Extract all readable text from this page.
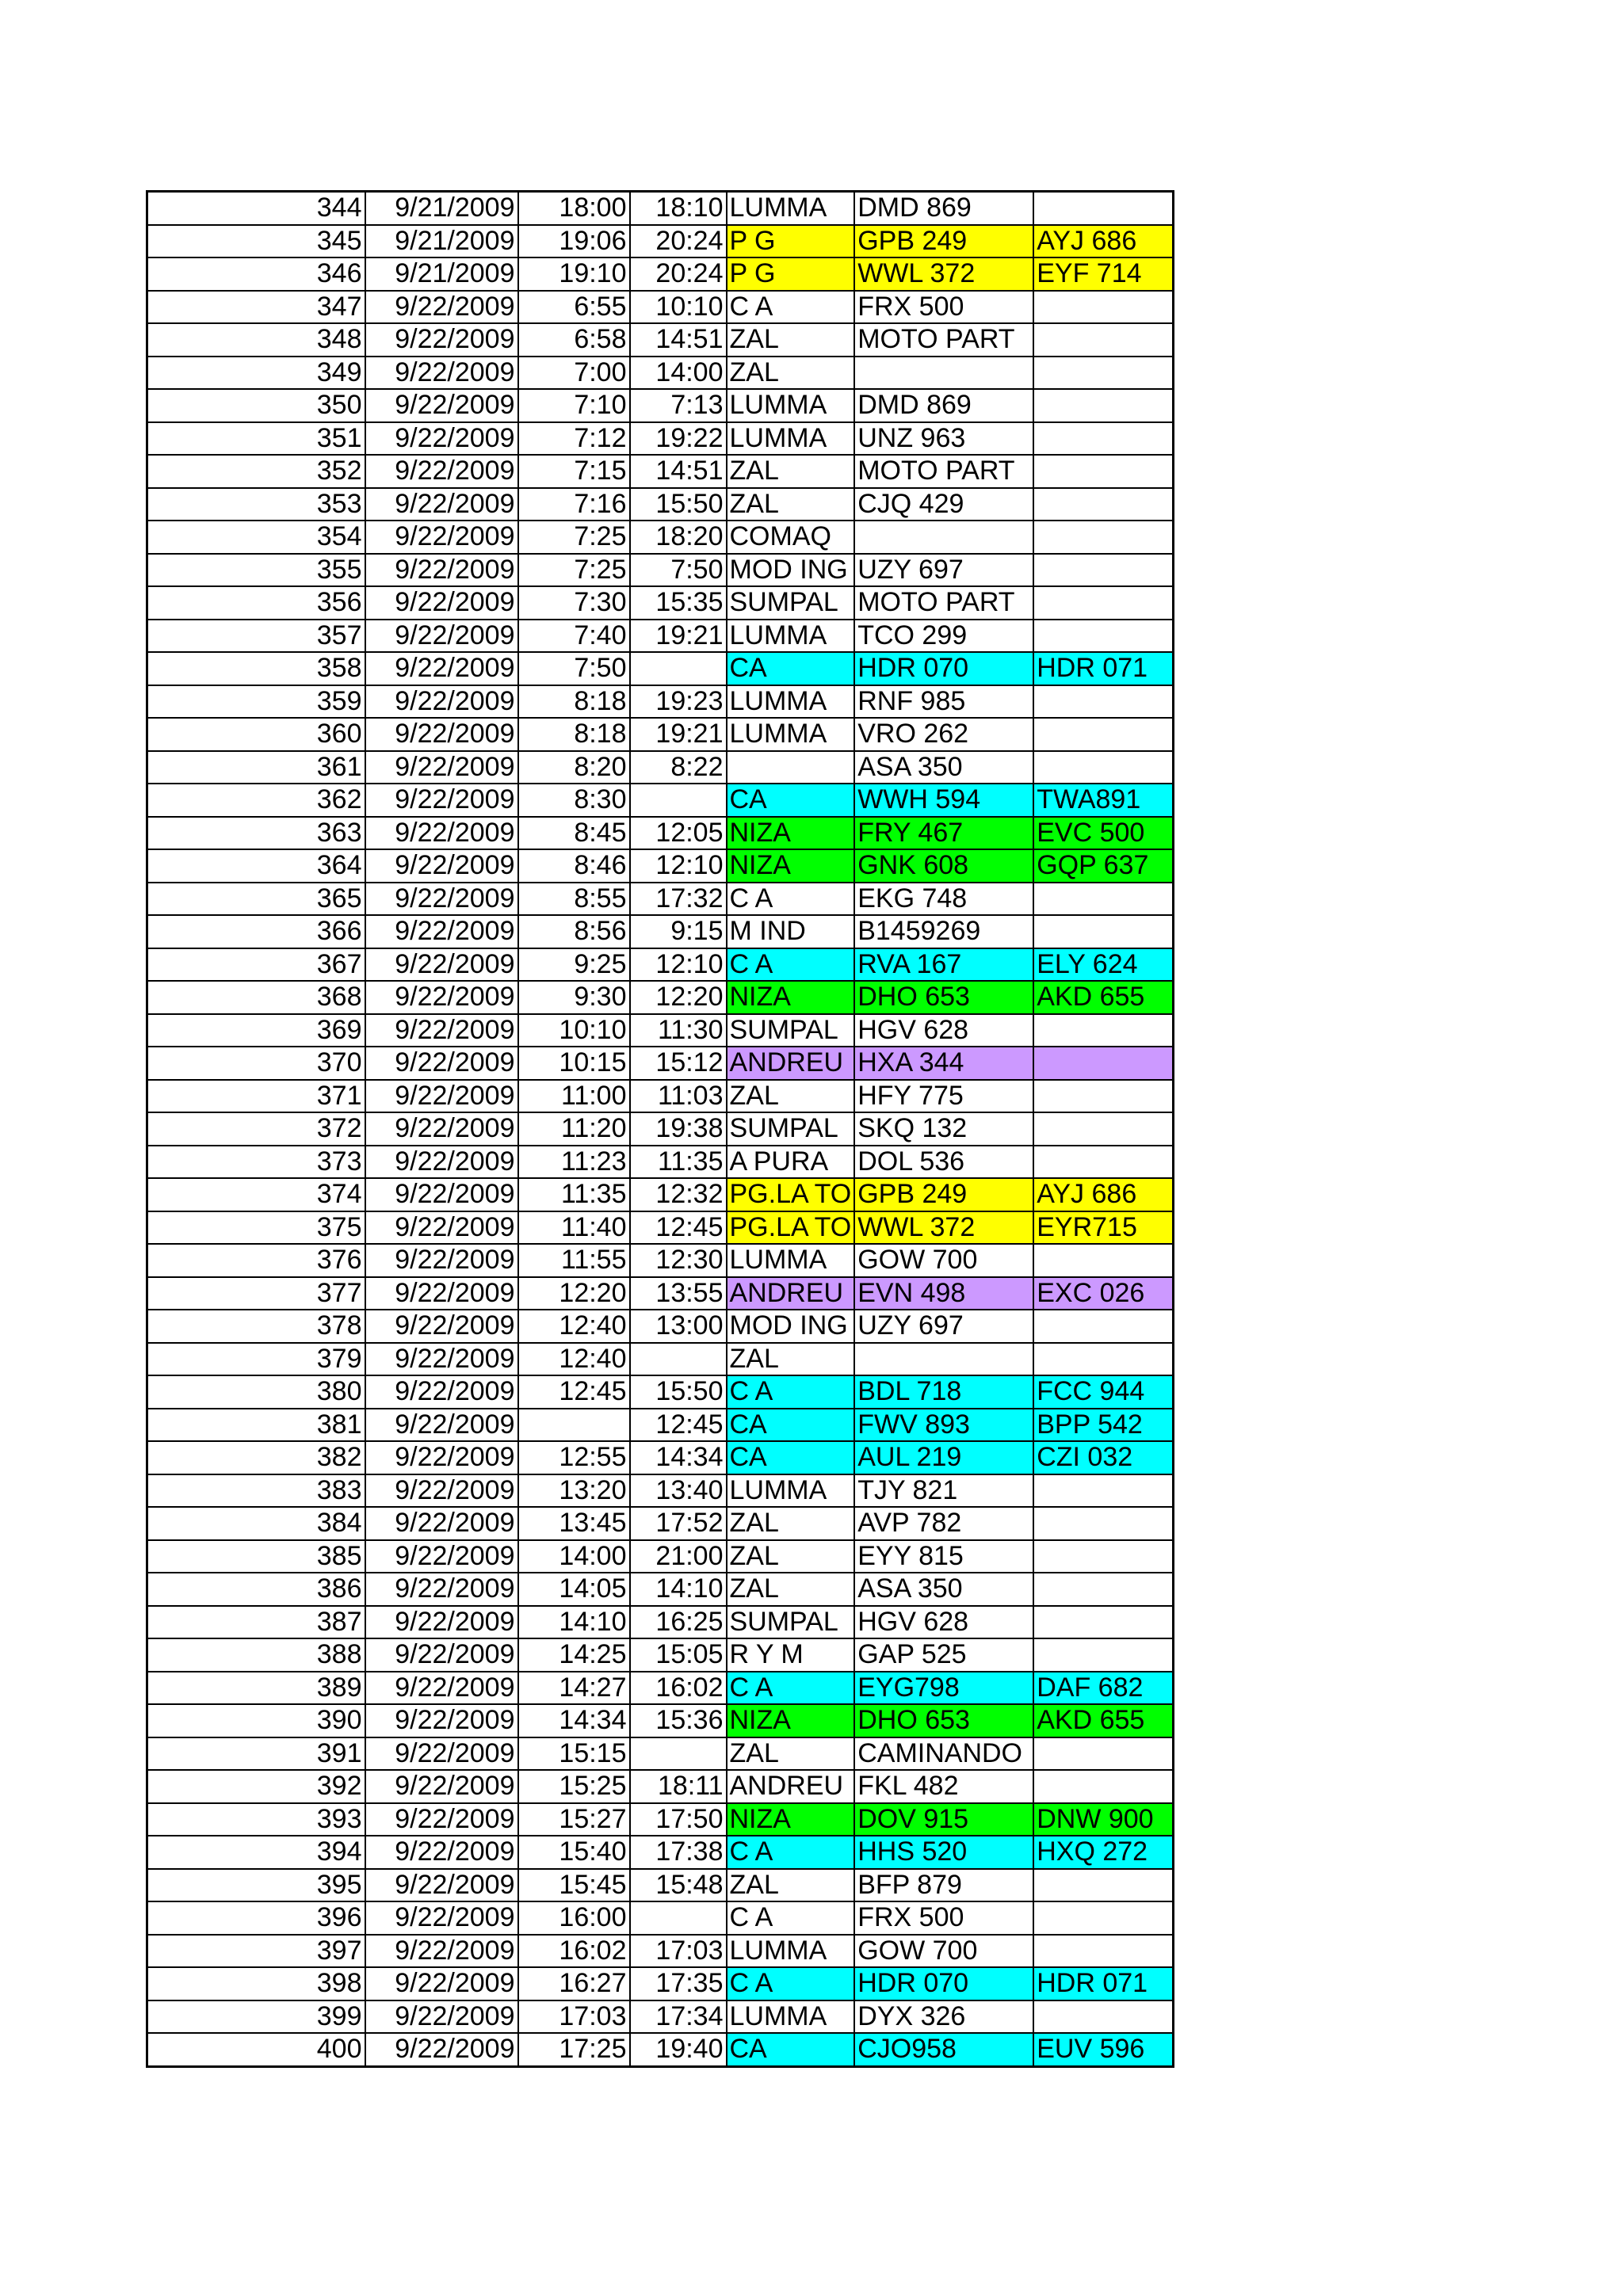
344	9/21/2009	18:00	18:10	LUMMA	DMD 869	
345	9/21/2009	19:06	20:24	P G	GPB 249	AYJ 686
346	9/21/2009	19:10	20:24	P G	WWL 372	EYF 714
347	9/22/2009	6:55	10:10	C A	FRX 500	
348	9/22/2009	6:58	14:51	ZAL	MOTO PART	
349	9/22/2009	7:00	14:00	ZAL		
350	9/22/2009	7:10	7:13	LUMMA	DMD 869	
351	9/22/2009	7:12	19:22	LUMMA	UNZ 963	
352	9/22/2009	7:15	14:51	ZAL	MOTO PART	
353	9/22/2009	7:16	15:50	ZAL	CJQ 429	
354	9/22/2009	7:25	18:20	COMAQ		
355	9/22/2009	7:25	7:50	MOD ING	UZY 697	
356	9/22/2009	7:30	15:35	SUMPAL	MOTO PART	
357	9/22/2009	7:40	19:21	LUMMA	TCO 299	
358	9/22/2009	7:50		CA	HDR 070	HDR 071
359	9/22/2009	8:18	19:23	LUMMA	RNF 985	
360	9/22/2009	8:18	19:21	LUMMA	VRO 262	
361	9/22/2009	8:20	8:22		ASA 350	
362	9/22/2009	8:30		CA	WWH 594	TWA891
363	9/22/2009	8:45	12:05	NIZA	FRY 467	EVC 500
364	9/22/2009	8:46	12:10	NIZA	GNK 608	GQP 637
365	9/22/2009	8:55	17:32	C A	EKG 748	
366	9/22/2009	8:56	9:15	M IND	B1459269	
367	9/22/2009	9:25	12:10	C A	RVA 167	ELY 624
368	9/22/2009	9:30	12:20	NIZA	DHO 653	AKD 655
369	9/22/2009	10:10	11:30	SUMPAL	HGV 628	
370	9/22/2009	10:15	15:12	ANDREU	HXA 344	
371	9/22/2009	11:00	11:03	ZAL	HFY 775	
372	9/22/2009	11:20	19:38	SUMPAL	SKQ 132	
373	9/22/2009	11:23	11:35	A PURA	DOL 536	
374	9/22/2009	11:35	12:32	PG.LA TO	GPB 249	AYJ 686
375	9/22/2009	11:40	12:45	PG.LA TO	WWL 372	EYR715
376	9/22/2009	11:55	12:30	LUMMA	GOW 700	
377	9/22/2009	12:20	13:55	ANDREU	EVN 498	EXC 026
378	9/22/2009	12:40	13:00	MOD ING	UZY 697	
379	9/22/2009	12:40		ZAL		
380	9/22/2009	12:45	15:50	C A	BDL 718	FCC 944
381	9/22/2009		12:45	CA	FWV 893	BPP 542
382	9/22/2009	12:55	14:34	CA	AUL 219	CZI 032
383	9/22/2009	13:20	13:40	LUMMA	TJY 821	
384	9/22/2009	13:45	17:52	ZAL	AVP 782	
385	9/22/2009	14:00	21:00	ZAL	EYY 815	
386	9/22/2009	14:05	14:10	ZAL	ASA 350	
387	9/22/2009	14:10	16:25	SUMPAL	HGV 628	
388	9/22/2009	14:25	15:05	R Y M	GAP 525	
389	9/22/2009	14:27	16:02	C A	EYG798	DAF 682
390	9/22/2009	14:34	15:36	NIZA	DHO 653	AKD 655
391	9/22/2009	15:15		ZAL	CAMINANDO	
392	9/22/2009	15:25	18:11	ANDREU	FKL 482	
393	9/22/2009	15:27	17:50	NIZA	DOV 915	DNW 900
394	9/22/2009	15:40	17:38	C A	HHS 520	HXQ 272
395	9/22/2009	15:45	15:48	ZAL	BFP 879	
396	9/22/2009	16:00		C A	FRX 500	
397	9/22/2009	16:02	17:03	LUMMA	GOW 700	
398	9/22/2009	16:27	17:35	C A	HDR 070	HDR 071
399	9/22/2009	17:03	17:34	LUMMA	DYX 326	
400	9/22/2009	17:25	19:40	CA	CJO958	EUV 596
